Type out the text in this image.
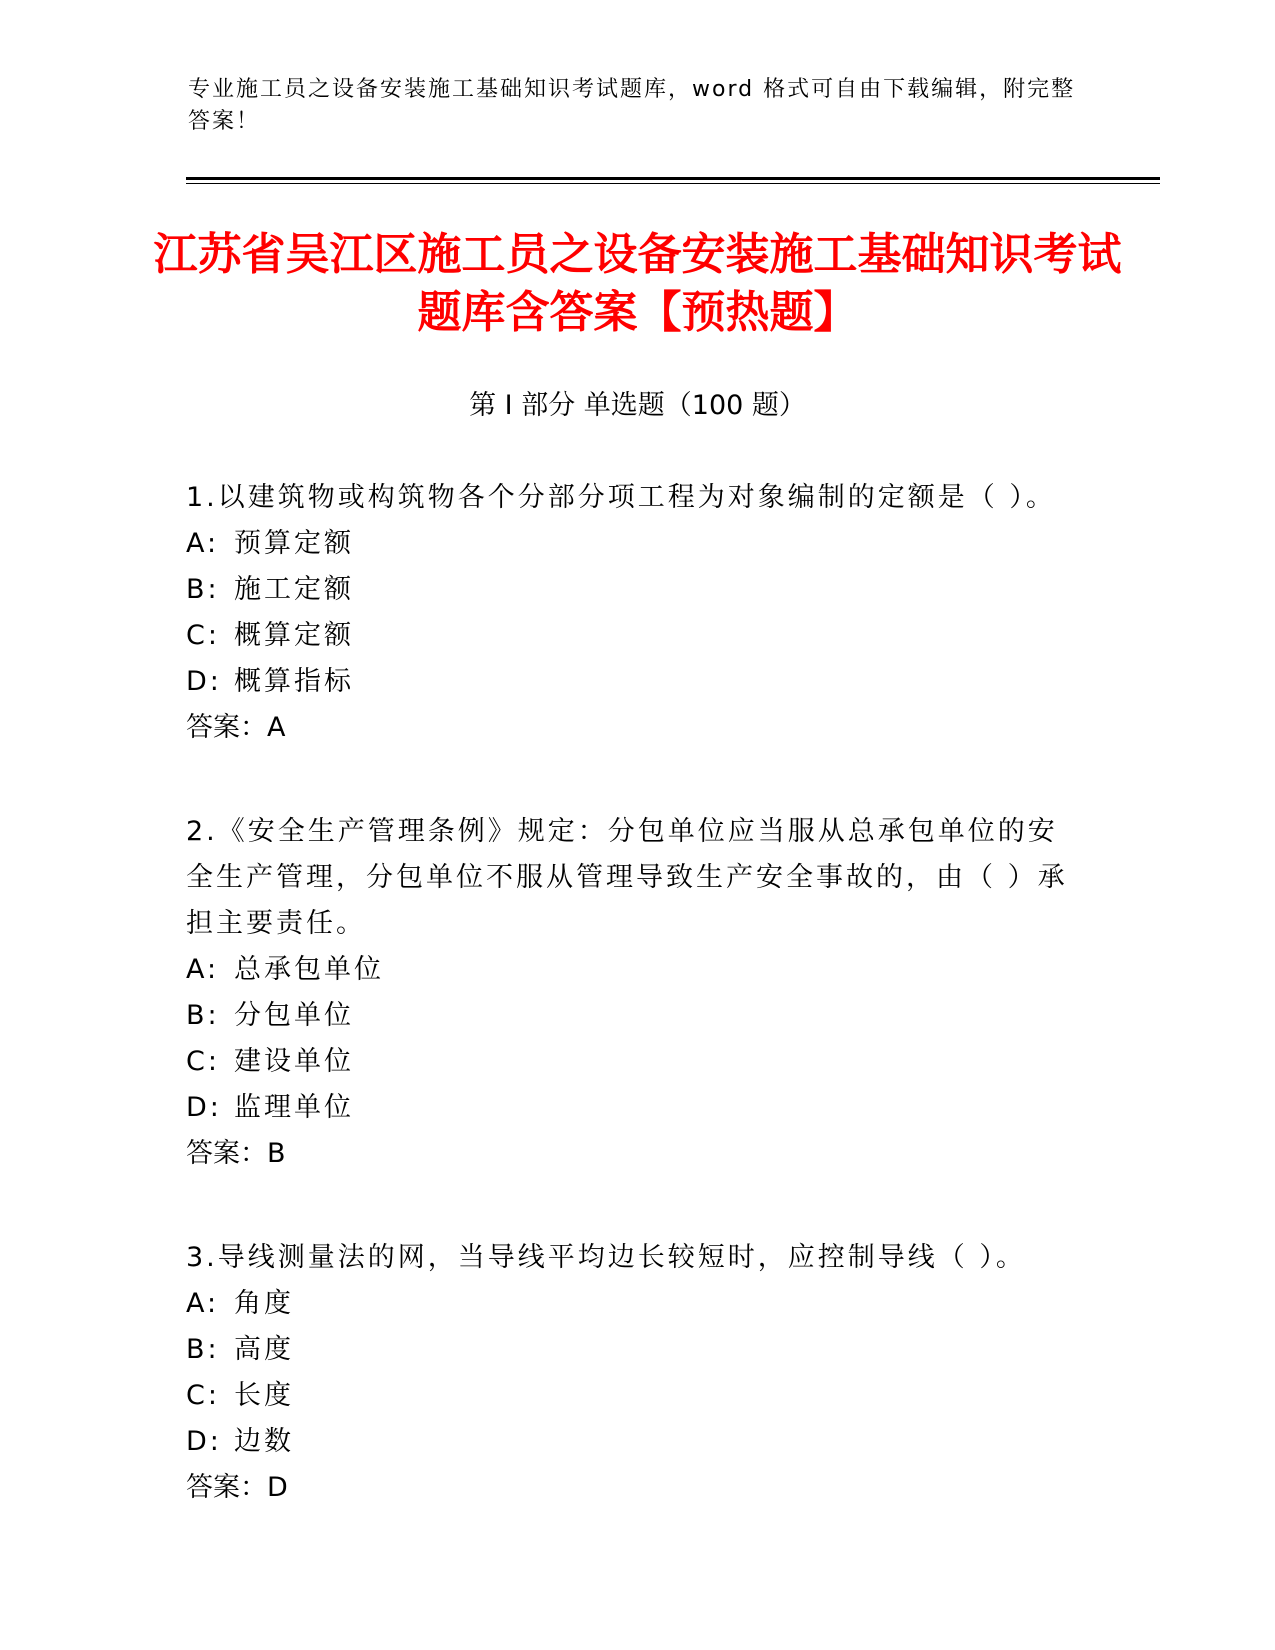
专业施工员之设备安装施工基础知识考试题库，word 格式可自由下载编辑，附完整答案！
江苏省吴江区施工员之设备安装施工基础知识考试题库含答案【预热题】
第 I 部分 单选题（100 题）

1.以建筑物或构筑物各个分部分项工程为对象编制的定额是（ ）。

A: 预算定额

B: 施工定额

C: 概算定额

D: 概算指标

答案：A

2.《安全生产管理条例》规定：分包单位应当服从总承包单位的安全生产管理，分包单位不服从管理导致生产安全事故的，由（ ）承担主要责任。

A: 总承包单位

B: 分包单位

C: 建设单位

D: 监理单位

答案：B

3.导线测量法的网，当导线平均边长较短时，应控制导线（ ）。

A: 角度

B: 高度

C: 长度

D: 边数

答案：D
